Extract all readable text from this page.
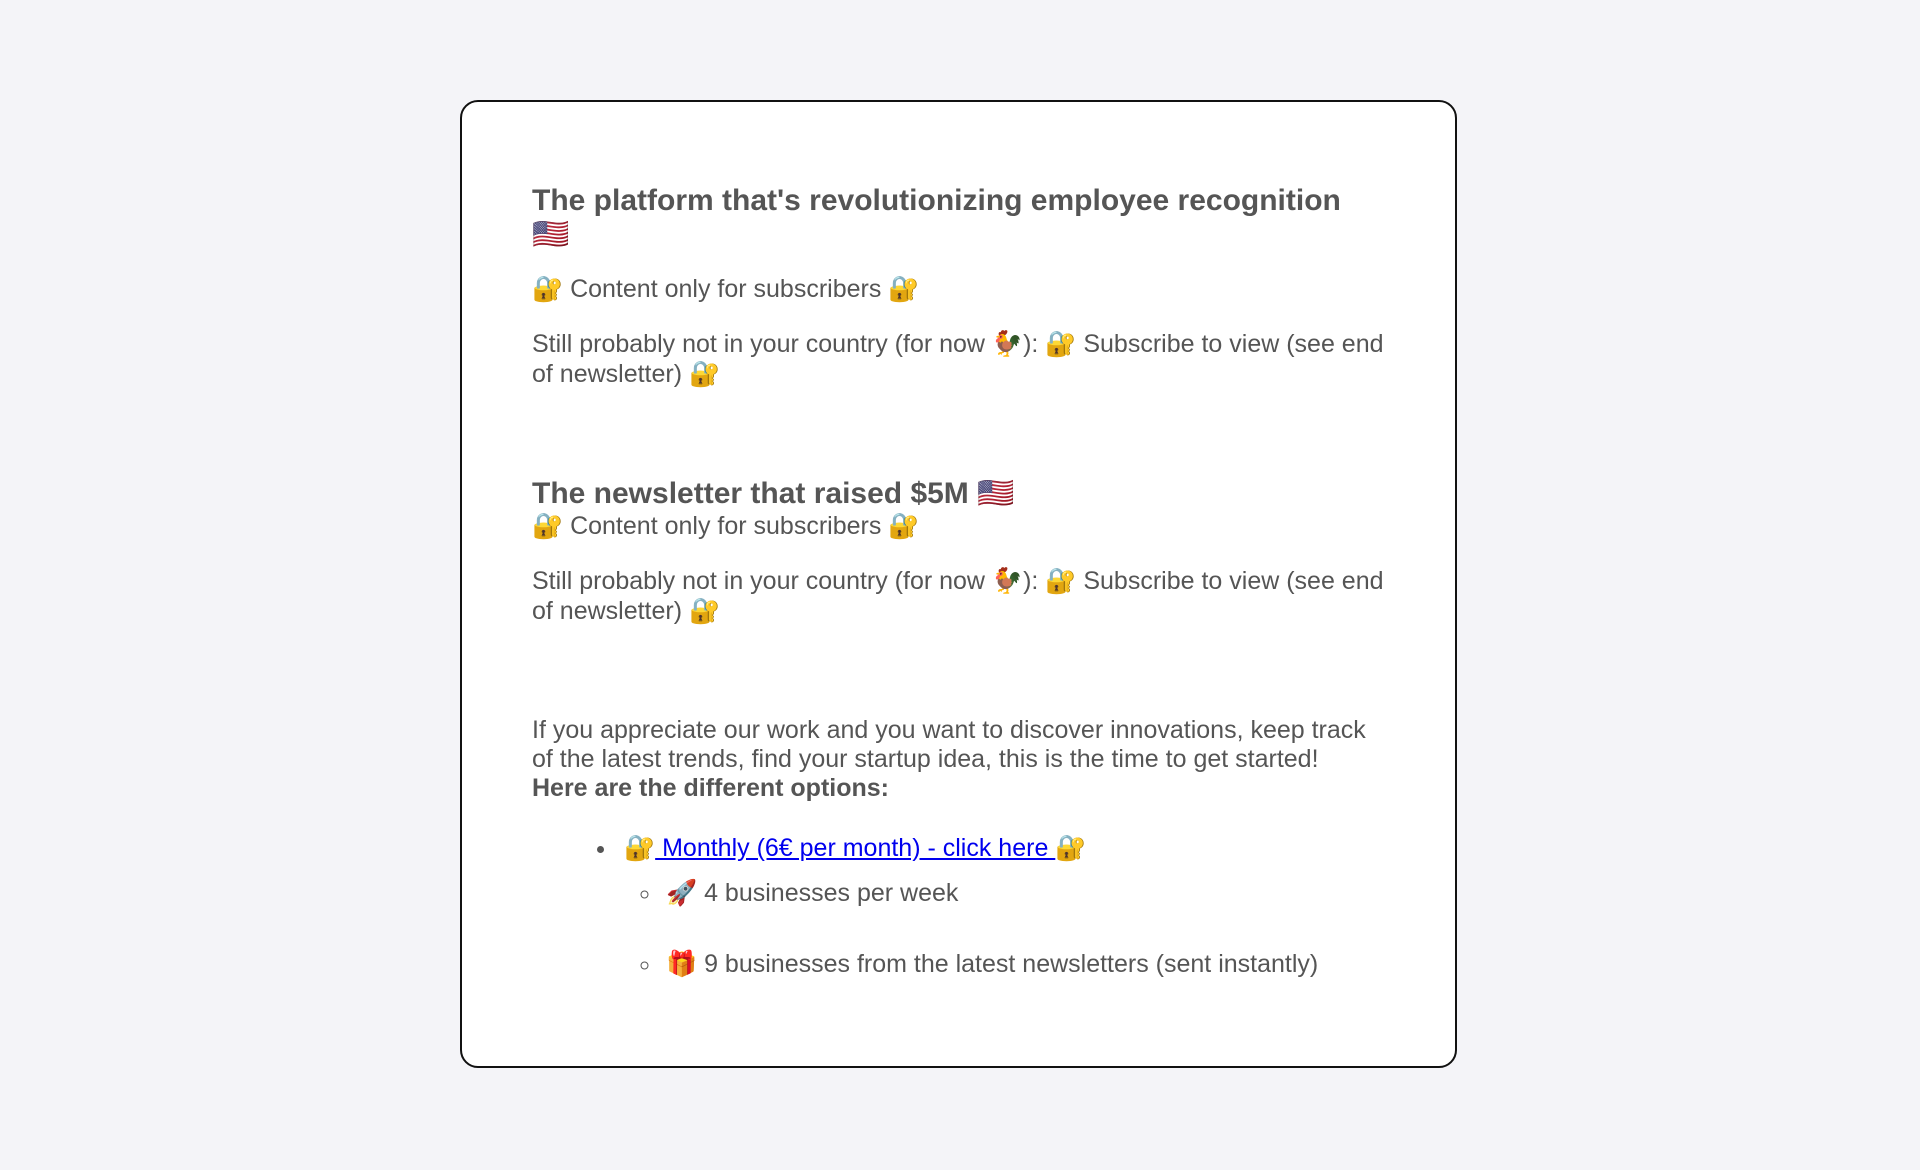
The platform that's revolutionizing employee recognition 🇺🇸

🔐 Content only for subscribers 🔐

Still probably not in your country (for now 🐓): 🔐 Subscribe to view (see end of newsletter) 🔐

The newsletter that raised $5M 🇺🇸

🔐 Content only for subscribers 🔐

Still probably not in your country (for now 🐓): 🔐 Subscribe to view (see end of newsletter) 🔐

If you appreciate our work and you want to discover innovations, keep track of the latest trends, find your startup idea, this is the time to get started!
Here are the different options:

• 🔐 Monthly (6€ per month) - click here 🔐
◦ 🚀 4 businesses per week
◦ 🎁 9 businesses from the latest newsletters (sent instantly)
